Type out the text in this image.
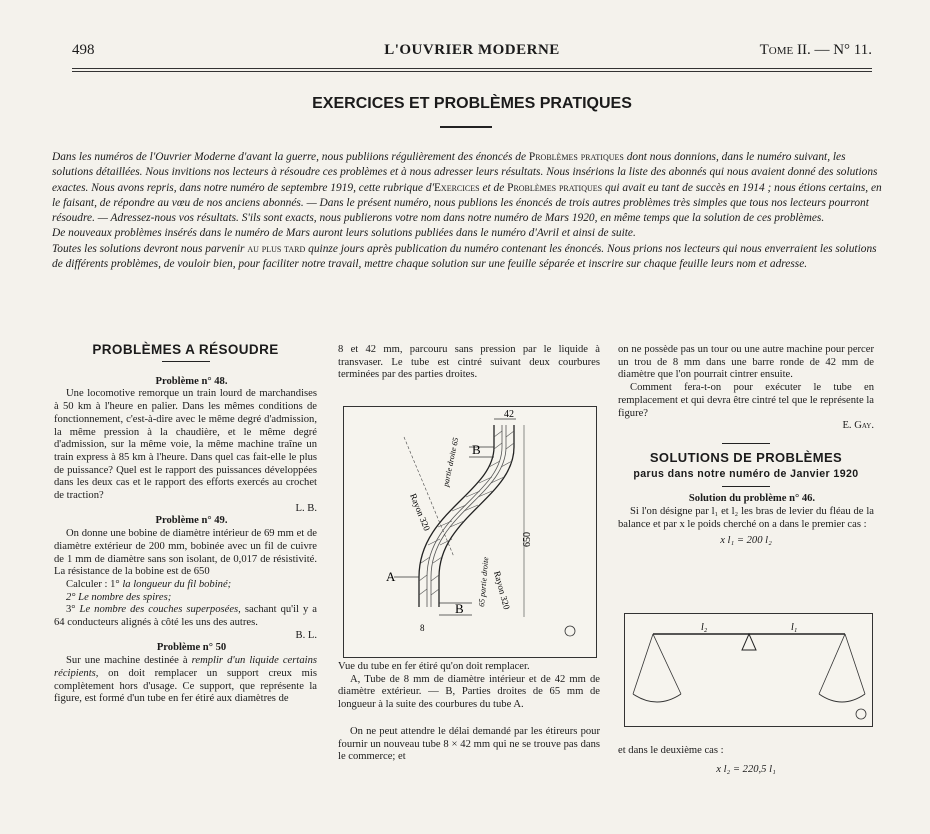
498	L'OUVRIER MODERNE	Tome II. — N° 11.
EXERCICES ET PROBLÈMES PRATIQUES

Dans les numéros de l'Ouvrier Moderne d'avant la guerre, nous publiions régulièrement des énoncés de Problèmes pratiques dont nous donnions, dans le numéro suivant, les solutions détaillées. Nous invitions nos lecteurs à résoudre ces problèmes et à nous adresser leurs résultats. Nous insérions la liste des abonnés qui nous avaient donné des solutions exactes. Nous avons repris, dans notre numéro de septembre 1919, cette rubrique d'Exercices et de Problèmes pratiques qui avait eu tant de succès en 1914 ; nous étions certains, en le faisant, de répondre au vœu de nos anciens abonnés. — Dans le présent numéro, nous publions les énoncés de trois autres problèmes très simples que tous nos lecteurs pourront résoudre. — Adressez-nous vos résultats. S'ils sont exacts, nous publierons votre nom dans notre numéro de Mars 1920, en même temps que la solution de ces problèmes.

De nouveaux problèmes insérés dans le numéro de Mars auront leurs solutions publiées dans le numéro d'Avril et ainsi de suite.

Toutes les solutions devront nous parvenir au plus tard quinze jours après publication du numéro contenant les énoncés. Nous prions nos lecteurs qui nous enverraient les solutions de différents problèmes, de vouloir bien, pour faciliter notre travail, mettre chaque solution sur une feuille séparée et inscrire sur chaque feuille leurs nom et adresse.

PROBLÈMES A RÉSOUDRE

Problème n° 48.

Une locomotive remorque un train lourd de marchandises à 50 km à l'heure en palier. Dans les mêmes conditions de fonctionnement, c'est-à-dire avec le même degré d'admission, la même pression à la chaudière, et le même degré d'admission, sur la même voie, la même machine traîne un train express à 85 km à l'heure. Dans quel cas fait-elle le plus de puissance? Quel est le rapport des puissances développées dans les deux cas et le rapport des efforts exercés au crochet de traction?

L. B.

Problème n° 49.

On donne une bobine de diamètre intérieur de 69 mm et de diamètre extérieur de 200 mm, bobinée avec un fil de cuivre de 1 mm de diamètre sans son isolant, de 0,017 de résistivité. La résistance de la bobine est de 650

Calculer : 1° la longueur du fil bobiné;

2° Le nombre des spires;

3° Le nombre des couches superposées, sachant qu'il y a 64 conducteurs alignés à côté les uns des autres.

B. L.

Problème n° 50

Sur une machine destinée à remplir d'un liquide certains récipients, on doit remplacer un support creux mis complètement hors d'usage. Ce support, que représente la figure, est formé d'un tube en fer étiré aux diamètres de

8 et 42 mm, parcouru sans pression par le liquide à transvaser. Le tube est cintré suivant deux courbures terminées par des parties droites.

42
B
B
A
Rayon 320
partie droite 65
65 partie droite Rayon 320
650
8

Vue du tube en fer étiré qu'on doit remplacer.

A, Tube de 8 mm de diamètre intérieur et de 42 mm de diamètre extérieur. — B, Parties droites de 65 mm de longueur à la suite des courbures du tube A.

On ne peut attendre le délai demandé par les étireurs pour fournir un nouveau tube 8 × 42 mm qui ne se trouve pas dans le commerce; et

on ne possède pas un tour ou une autre machine pour percer un trou de 8 mm dans une barre ronde de 42 mm de diamètre que l'on pourrait cintrer ensuite.

Comment fera-t-on pour exécuter le tube en remplacement et qui devra être cintré tel que le représente la figure?

E. Gay.

SOLUTIONS DE PROBLÈMES
parus dans notre numéro de Janvier 1920

Solution du problème n° 46.

Si l'on désigne par l₁ et l₂ les bras de levier du fléau de la balance et par x le poids cherché on a dans le premier cas :

x l₁ = 200 l₂

l₂	l₁

et dans le deuxième cas :

x l₂ = 220,5 l₁
